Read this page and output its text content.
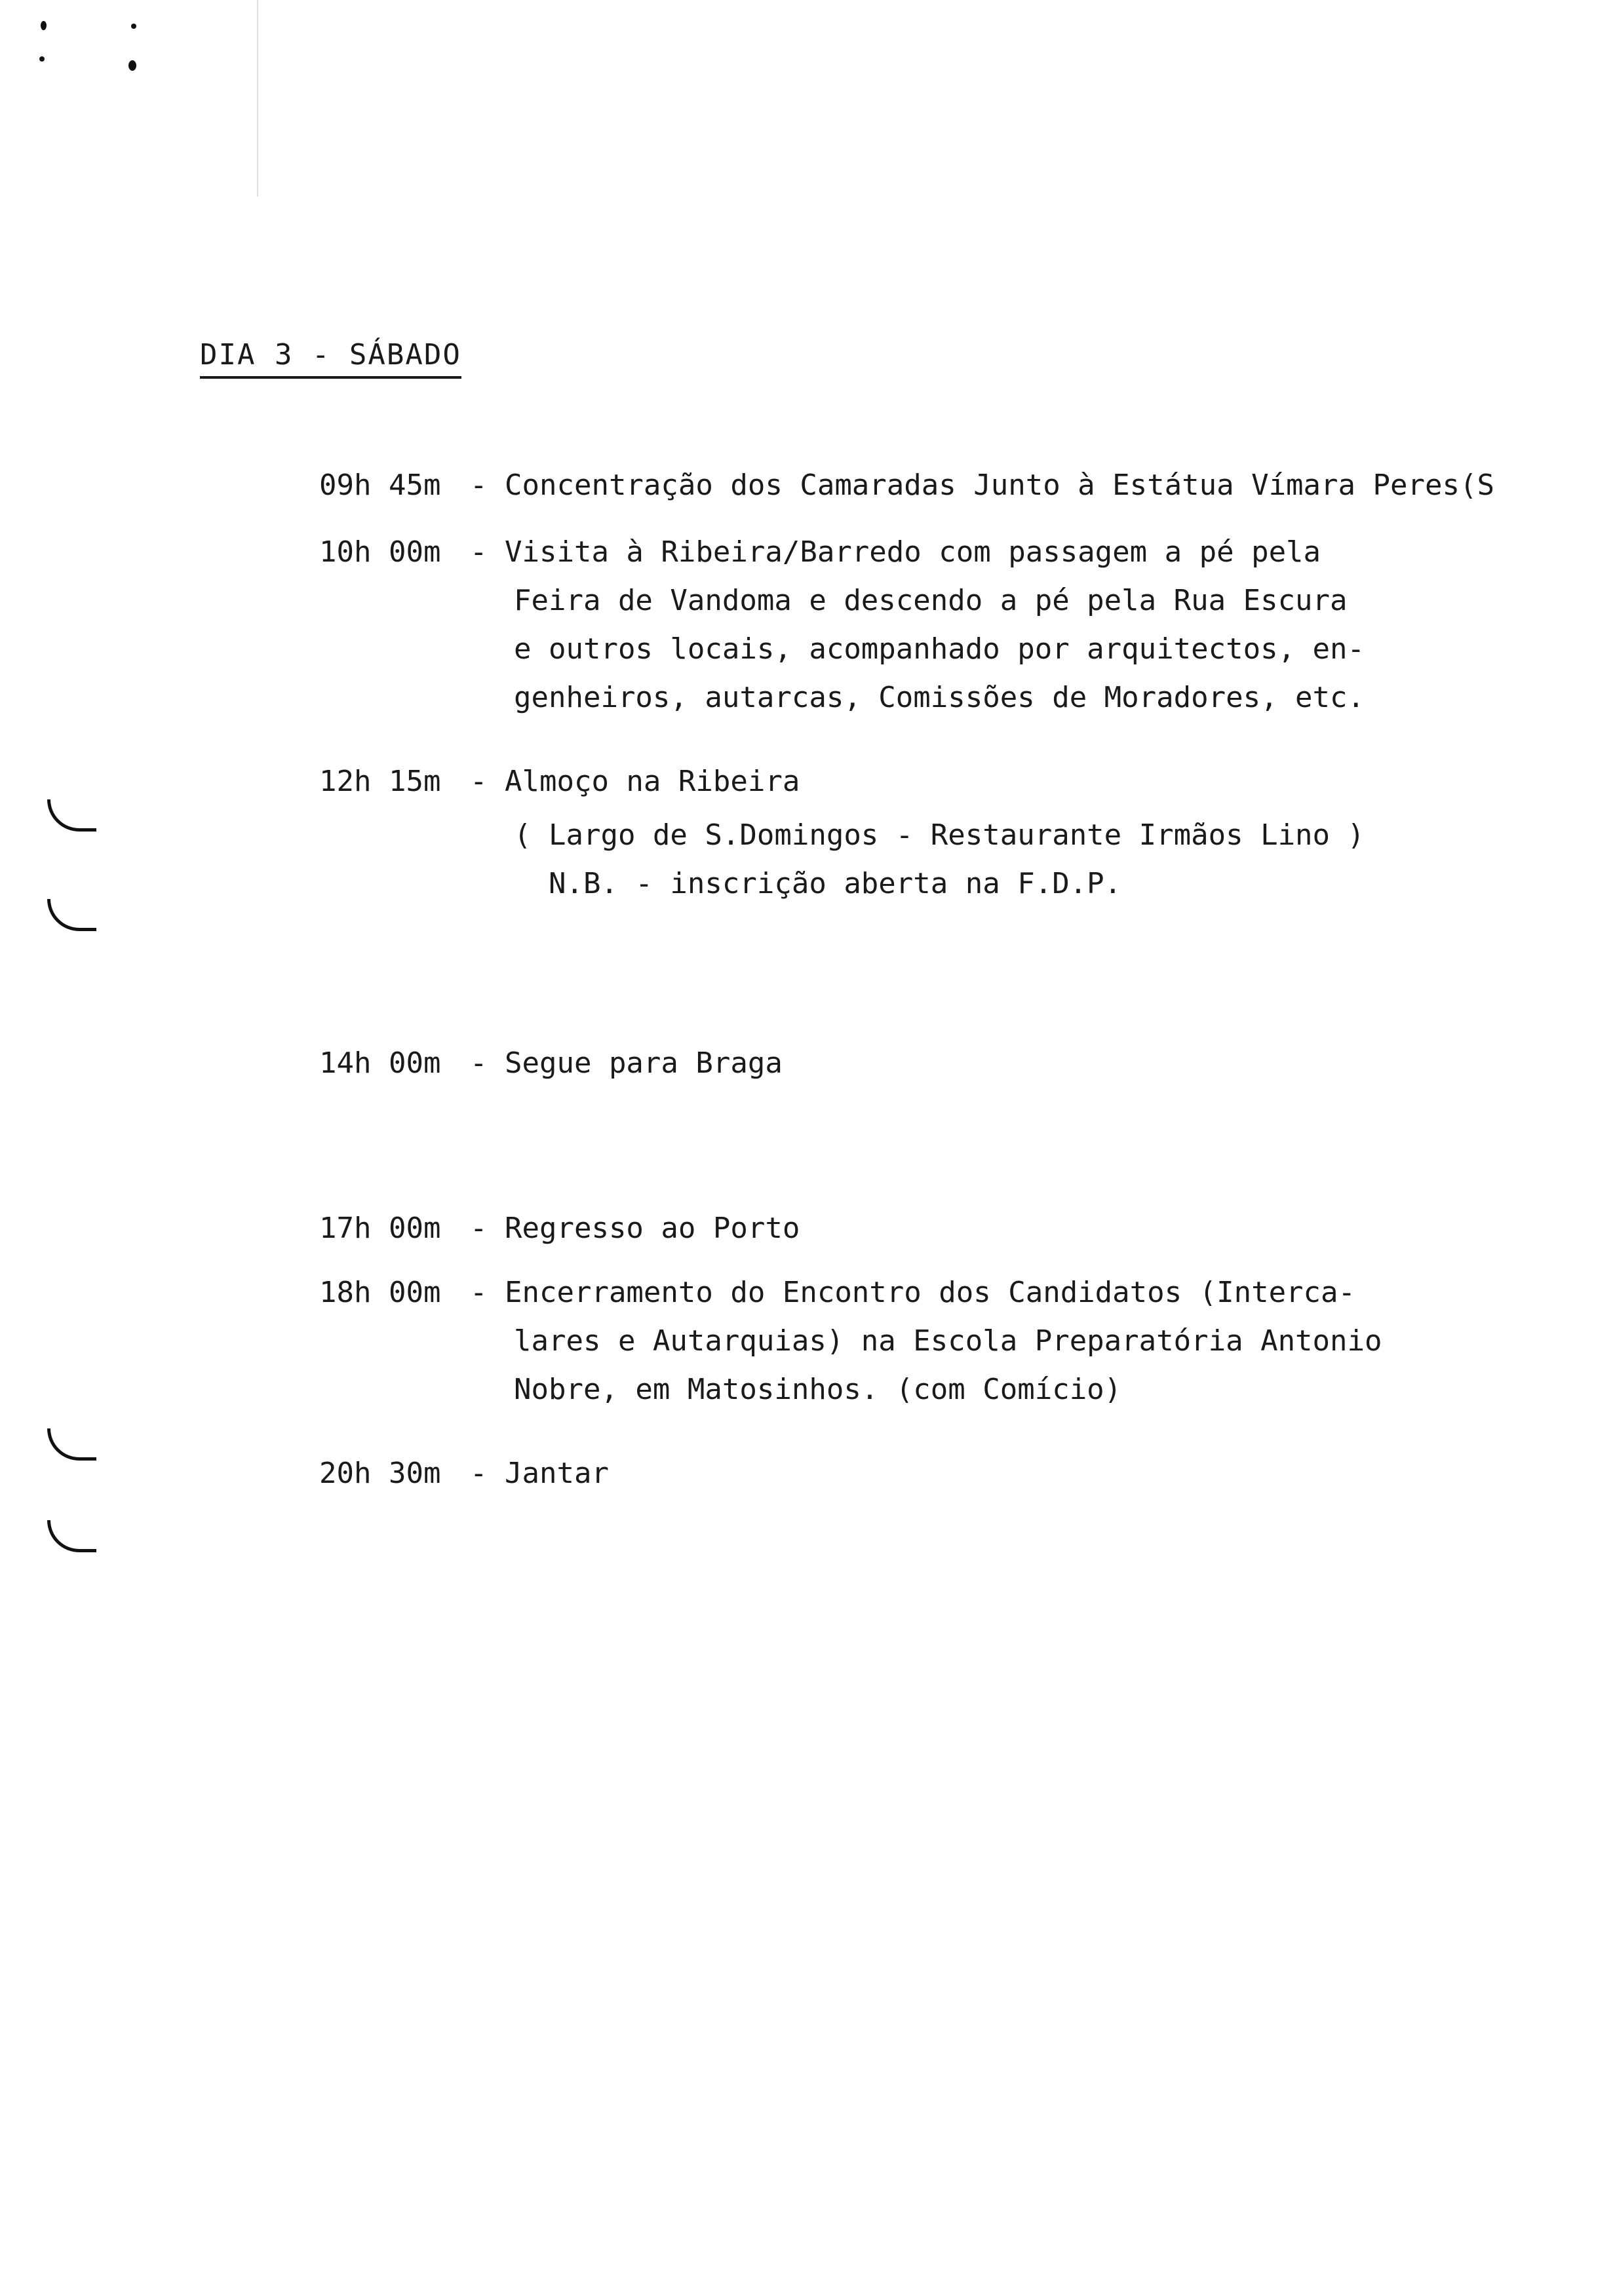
DIA 3 - SÁBADO
09h 45m - Concentração dos Camaradas Junto à Estátua Vímara Peres(S
10h 00m - Visita à Ribeira/Barredo com passagem a pé pela
Feira de Vandoma e descendo a pé pela Rua Escura
e outros locais, acompanhado por arquitectos, en-
genheiros, autarcas, Comissões de Moradores, etc.
12h 15m - Almoço na Ribeira
( Largo de S.Domingos - Restaurante Irmãos Lino )
N.B. - inscrição aberta na F.D.P.
14h 00m - Segue para Braga
17h 00m - Regresso ao Porto
18h 00m - Encerramento do Encontro dos Candidatos (Interca-
lares e Autarquias) na Escola Preparatória Antonio
Nobre, em Matosinhos. (com Comício)
20h 30m - Jantar
